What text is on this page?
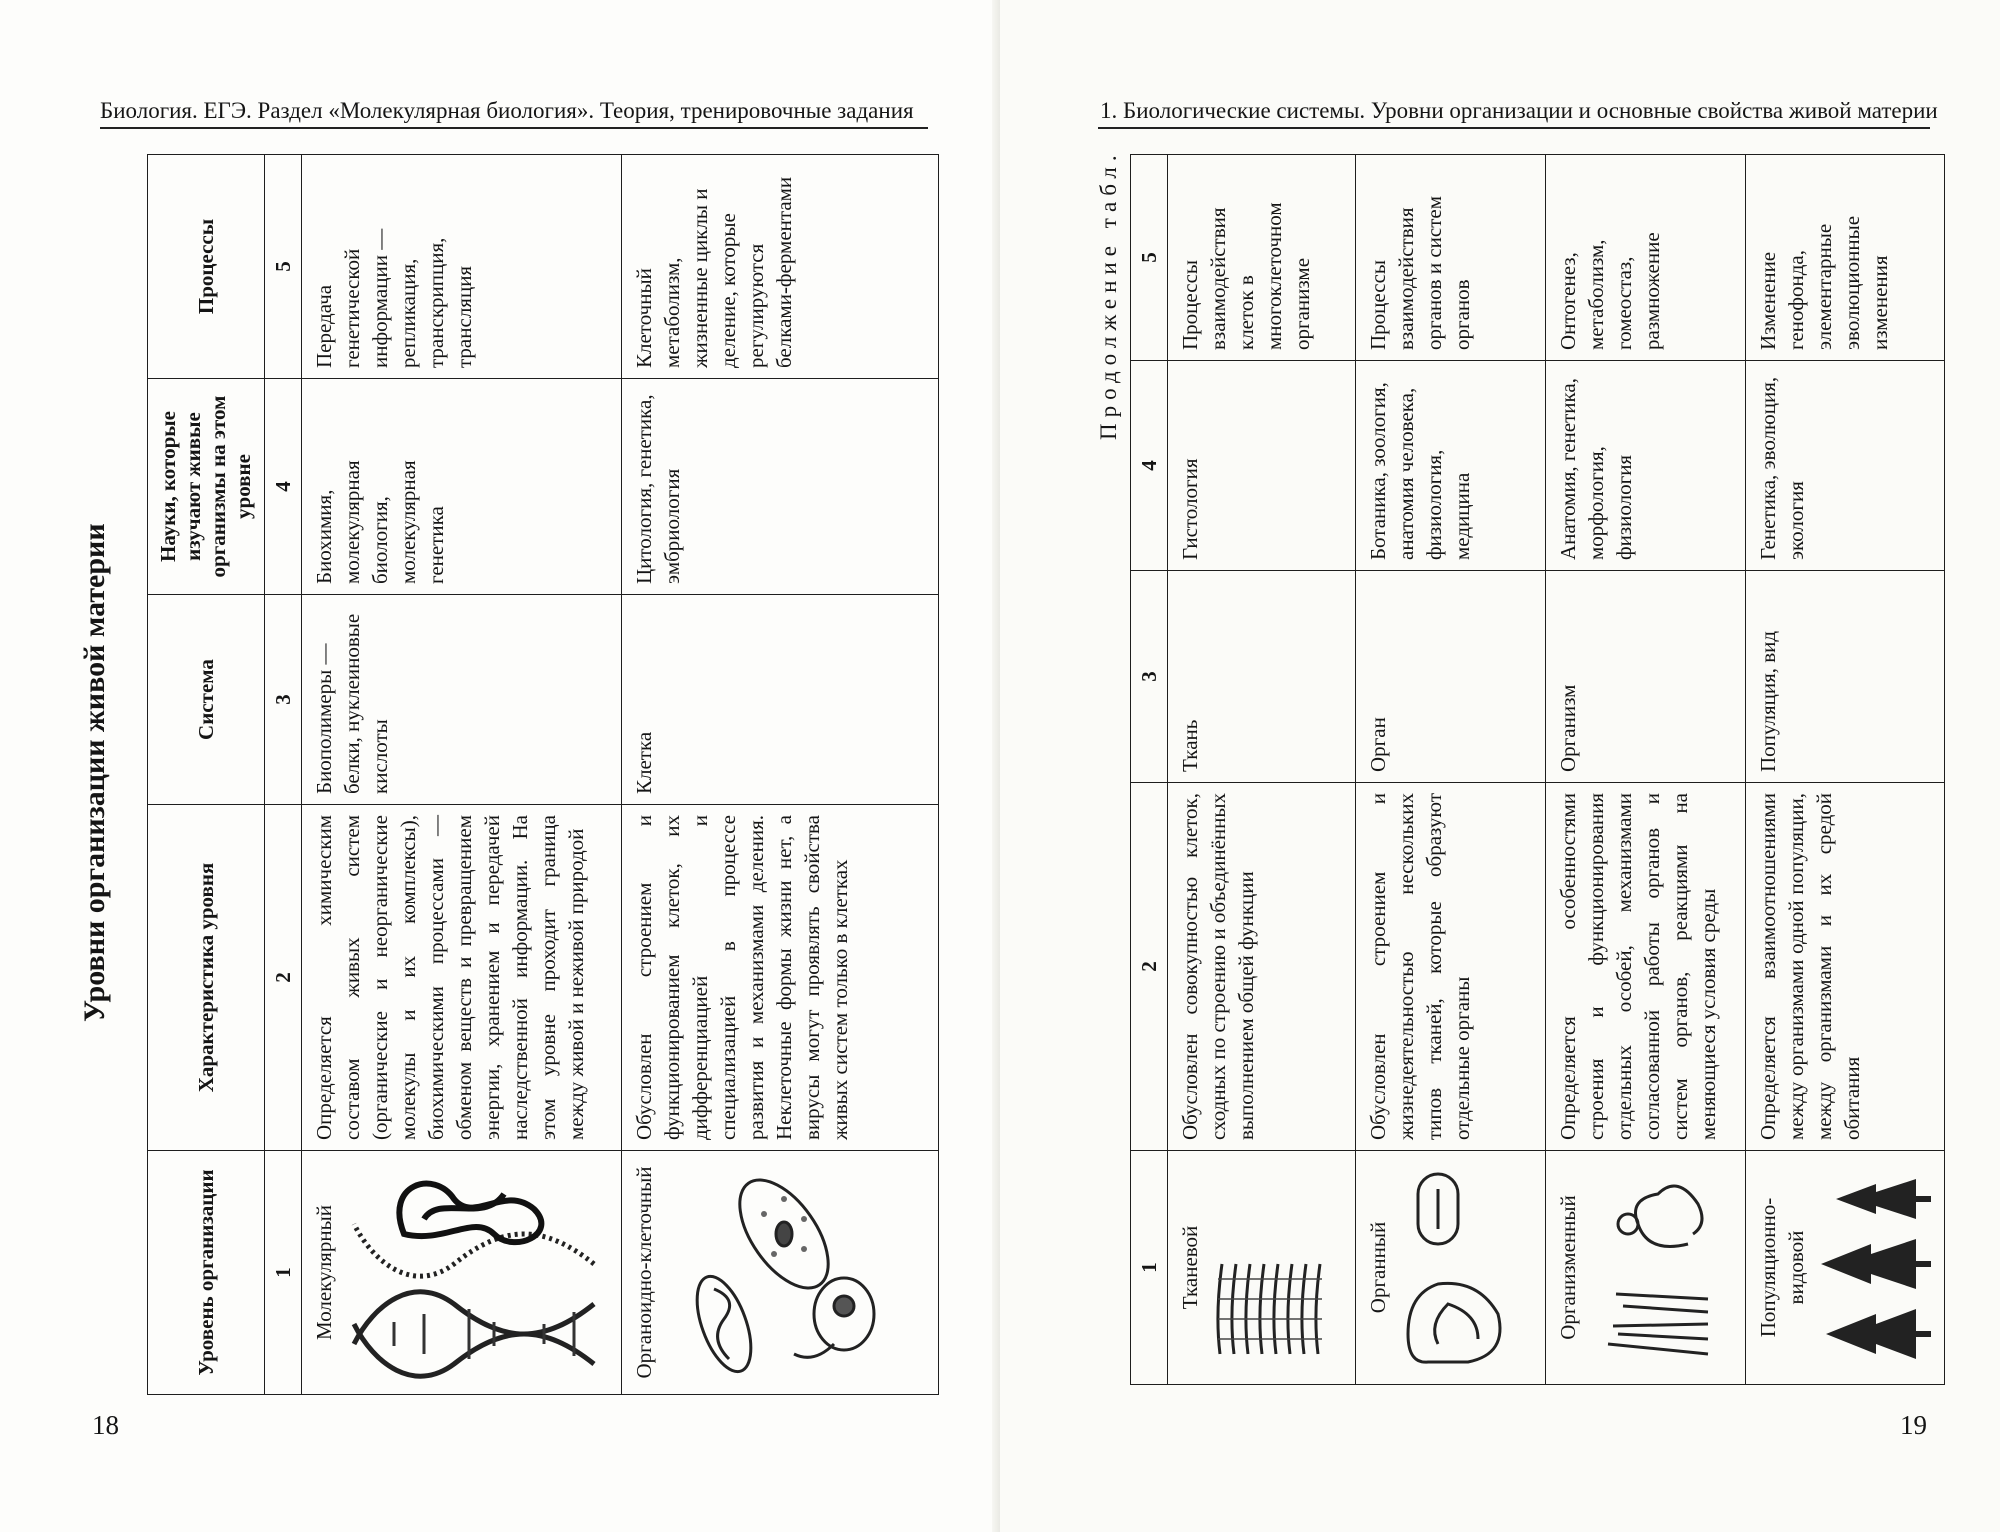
Биология. ЕГЭ. Раздел «Молекулярная биология». Теория, тренировочные задания
Уровни организации живой материи
Уровень организации	Характеристика уровня	Система	Науки, которые изучают живые организмы на этом уровне	Процессы
1	2	3	4	5

Молекулярный	Определяется химическим составом живых систем (органические и неорганические молекулы и их комплексы), биохимическими процессами — обменом веществ и превращением энергии, хранением и передачей наследственной информации. На этом уровне проходит граница между живой и неживой природой	Биополимеры — белки, нуклеиновые кислоты	Биохимия, молекулярная биология, молекулярная генетика	Передача генетической информации — репликация, транскрипция, трансляция

Органоидно-клеточный	Обусловлен строением и функционированием клеток, их дифференциацией и специализацией в процессе развития и механизмами деления. Неклеточные формы жизни нет, а вирусы могут проявлять свойства живых систем только в клетках	Клетка	Цитология, генетика, эмбриология	Клеточный метаболизм, жизненные циклы и деление, которые регулируются белками-ферментами
18
1. Биологические системы. Уровни организации и основные свойства живой материи
Продолжение табл.
1	2	3	4	5

Тканевой	Обусловлен совокупностью клеток, сходных по строению и объединённых выполнением общей функции	Ткань	Гистология	Процессы взаимодействия клеток в многоклеточном организме

Органный	Обусловлен строением и жизнедеятельностью нескольких типов тканей, которые образуют отдельные органы	Орган	Ботаника, зоология, анатомия человека, физиология, медицина	Процессы взаимодействия органов и систем органов

Организменный	Определяется особенностями строения и функционирования отдельных особей, механизмами согласованной работы органов и систем органов, реакциями на меняющиеся условия среды	Организм	Анатомия, генетика, морфология, физиология	Онтогенез, метаболизм, гомеостаз, размножение

Популяционно-видовой	Определяется взаимоотношениями между организмами одной популяции, между организмами и их средой обитания	Популяция, вид	Генетика, эволюция, экология	Изменение генофонда, элементарные эволюционные изменения
19
